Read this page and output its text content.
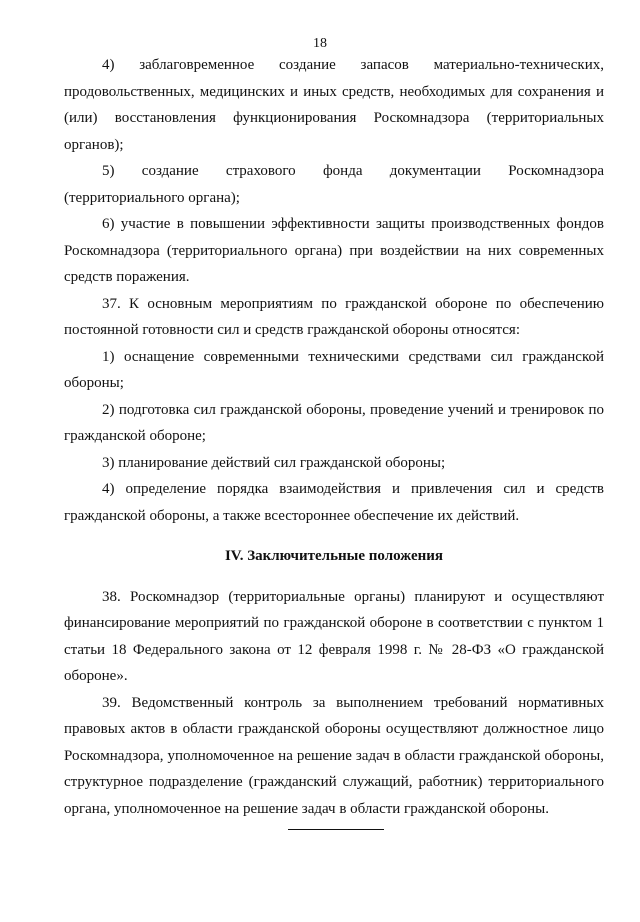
18

4) заблаговременное создание запасов материально-технических, продовольственных, медицинских и иных средств, необходимых для сохранения и (или) восстановления функционирования Роскомнадзора (территориальных органов);

5) создание страхового фонда документации Роскомнадзора (территориального органа);

6) участие в повышении эффективности защиты производственных фондов Роскомнадзора (территориального органа) при воздействии на них современных средств поражения.

37. К основным мероприятиям по гражданской обороне по обеспечению постоянной готовности сил и средств гражданской обороны относятся:

1) оснащение современными техническими средствами сил гражданской обороны;

2) подготовка сил гражданской обороны, проведение учений и тренировок по гражданской обороне;

3) планирование действий сил гражданской обороны;

4) определение порядка взаимодействия и привлечения сил и средств гражданской обороны, а также всестороннее обеспечение их действий.

IV. Заключительные положения

38. Роскомнадзор (территориальные органы) планируют и осуществляют финансирование мероприятий по гражданской обороне в соответствии с пунктом 1 статьи 18 Федерального закона от 12 февраля 1998 г. № 28-ФЗ «О гражданской обороне».

39. Ведомственный контроль за выполнением требований нормативных правовых актов в области гражданской обороны осуществляют должностное лицо Роскомнадзора, уполномоченное на решение задач в области гражданской обороны, структурное подразделение (гражданский служащий, работник) территориального органа, уполномоченное на решение задач в области гражданской обороны.
